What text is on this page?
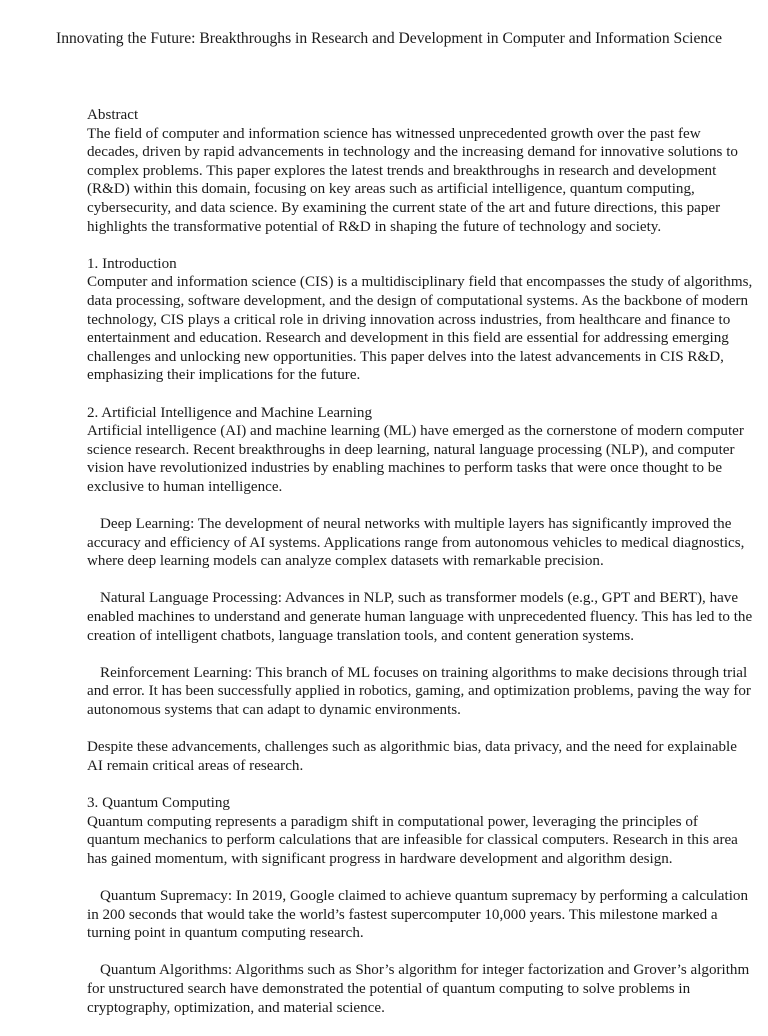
Innovating the Future: Breakthroughs in Research and Development in Computer and Information Science

Abstract

The field of computer and information science has witnessed unprecedented growth over the past few decades, driven by rapid advancements in technology and the increasing demand for innovative solutions to complex problems. This paper explores the latest trends and breakthroughs in research and development (R&D) within this domain, focusing on key areas such as artificial intelligence, quantum computing, cybersecurity, and data science. By examining the current state of the art and future directions, this paper highlights the transformative potential of R&D in shaping the future of technology and society.

1. Introduction

Computer and information science (CIS) is a multidisciplinary field that encompasses the study of algorithms, data processing, software development, and the design of computational systems. As the backbone of modern technology, CIS plays a critical role in driving innovation across industries, from healthcare and finance to entertainment and education. Research and development in this field are essential for addressing emerging challenges and unlocking new opportunities. This paper delves into the latest advancements in CIS R&D, emphasizing their implications for the future.

2. Artificial Intelligence and Machine Learning

Artificial intelligence (AI) and machine learning (ML) have emerged as the cornerstone of modern computer science research. Recent breakthroughs in deep learning, natural language processing (NLP), and computer vision have revolutionized industries by enabling machines to perform tasks that were once thought to be exclusive to human intelligence.

Deep Learning: The development of neural networks with multiple layers has significantly improved the accuracy and efficiency of AI systems. Applications range from autonomous vehicles to medical diagnostics, where deep learning models can analyze complex datasets with remarkable precision.

Natural Language Processing: Advances in NLP, such as transformer models (e.g., GPT and BERT), have enabled machines to understand and generate human language with unprecedented fluency. This has led to the creation of intelligent chatbots, language translation tools, and content generation systems.

Reinforcement Learning: This branch of ML focuses on training algorithms to make decisions through trial and error. It has been successfully applied in robotics, gaming, and optimization problems, paving the way for autonomous systems that can adapt to dynamic environments.

Despite these advancements, challenges such as algorithmic bias, data privacy, and the need for explainable AI remain critical areas of research.

3. Quantum Computing

Quantum computing represents a paradigm shift in computational power, leveraging the principles of quantum mechanics to perform calculations that are infeasible for classical computers. Research in this area has gained momentum, with significant progress in hardware development and algorithm design.

Quantum Supremacy: In 2019, Google claimed to achieve quantum supremacy by performing a calculation in 200 seconds that would take the world’s fastest supercomputer 10,000 years. This milestone marked a turning point in quantum computing research.

Quantum Algorithms: Algorithms such as Shor’s algorithm for integer factorization and Grover’s algorithm for unstructured search have demonstrated the potential of quantum computing to solve problems in cryptography, optimization, and material science.
